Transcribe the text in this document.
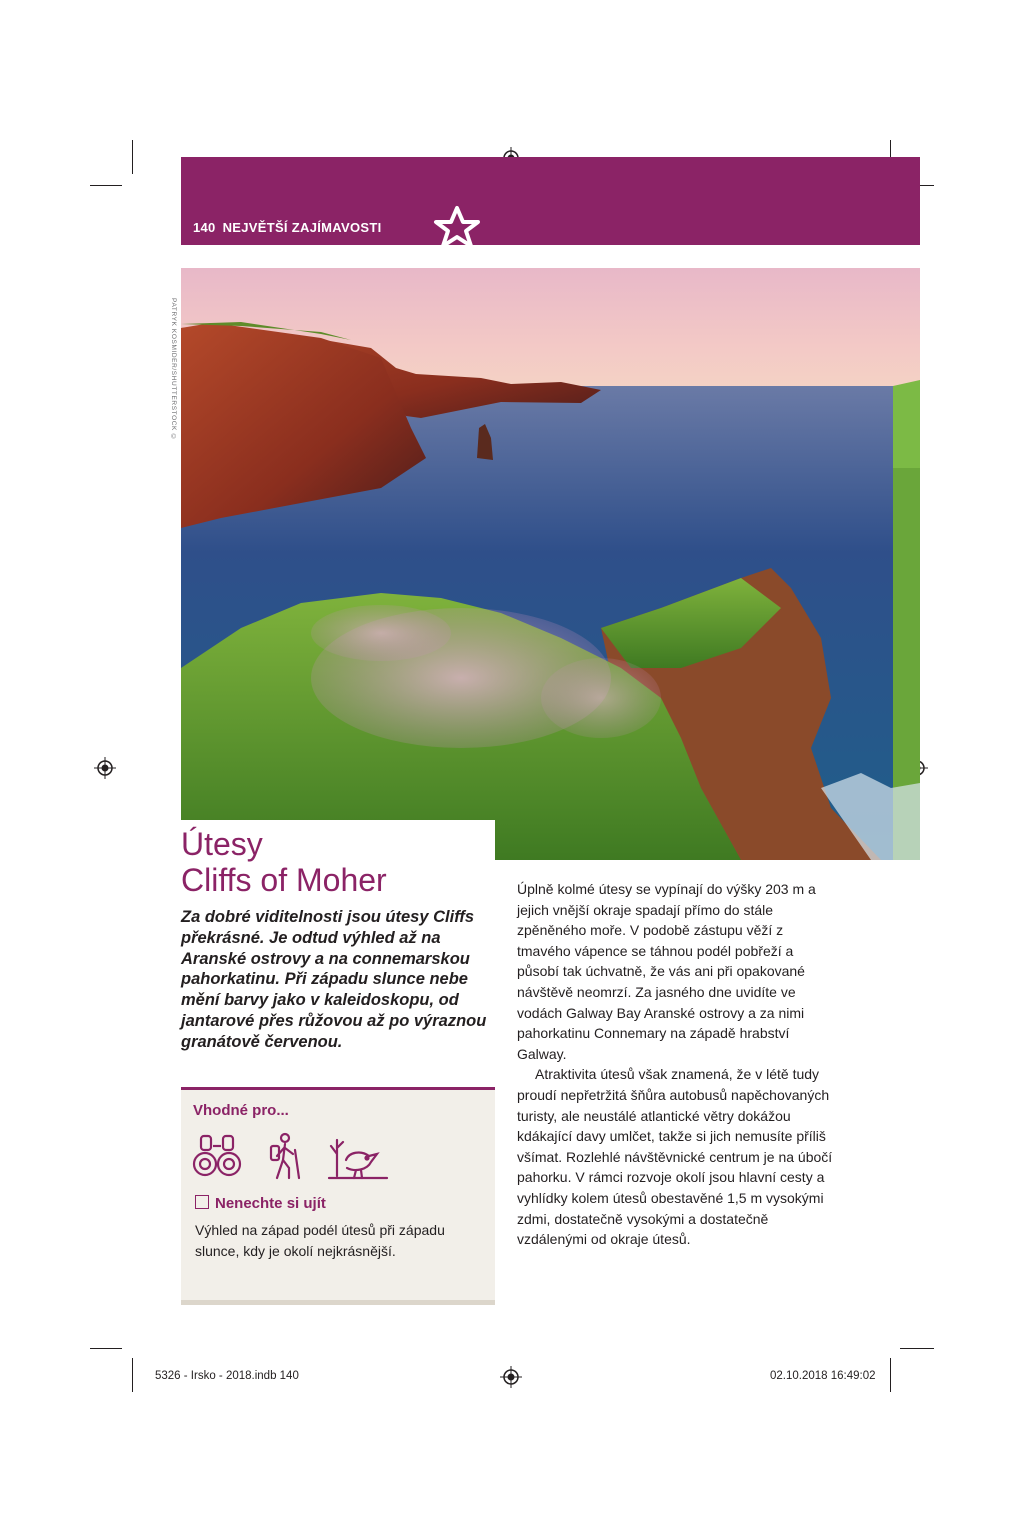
140 NEJVĚTŠÍ ZAJÍMAVOSTI
PATRYK KOSMIDER/SHUTTERSTOCK ©
Útesy
Cliffs of Moher
Za dobré viditelnosti jsou útesy Cliffs překrásné. Je odtud výhled až na Aranské ostrovy a na connemarskou pahorkatinu. Při západu slunce nebe mění barvy jako v kaleidoskopu, od jantarové přes růžovou až po výraznou granátově červenou.
Vhodné pro...
Nenechte si ujít
Výhled na západ podél útesů při západu slunce, kdy je okolí nejkrásnější.

Úplně kolmé útesy se vypínají do výšky 203 m a jejich vnější okraje spadají přímo do stále zpěněného moře. V podobě zástupu věží z tmavého vápence se táhnou podél pobřeží a působí tak úchvatně, že vás ani při opakované návštěvě neomrzí. Za jasného dne uvidíte ve vodách Galway Bay Aranské ostrovy a za nimi pahorkatinu Connemary na západě hrabství Galway.

Atraktivita útesů však znamená, že v létě tudy proudí nepřetržitá šňůra autobusů napěchovaných turisty, ale neustálé atlantické větry dokážou kdákající davy umlčet, takže si jich nemusíte příliš všímat. Rozlehlé návštěvnické centrum je na úbočí pahorku. V rámci rozvoje okolí jsou hlavní cesty a vyhlídky kolem útesů obestavěné 1,5 m vysokými zdmi, dostatečně vysokými a dostatečně vzdálenými od okraje útesů.

5326 - Irsko - 2018.indb 140	02.10.2018 16:49:02
